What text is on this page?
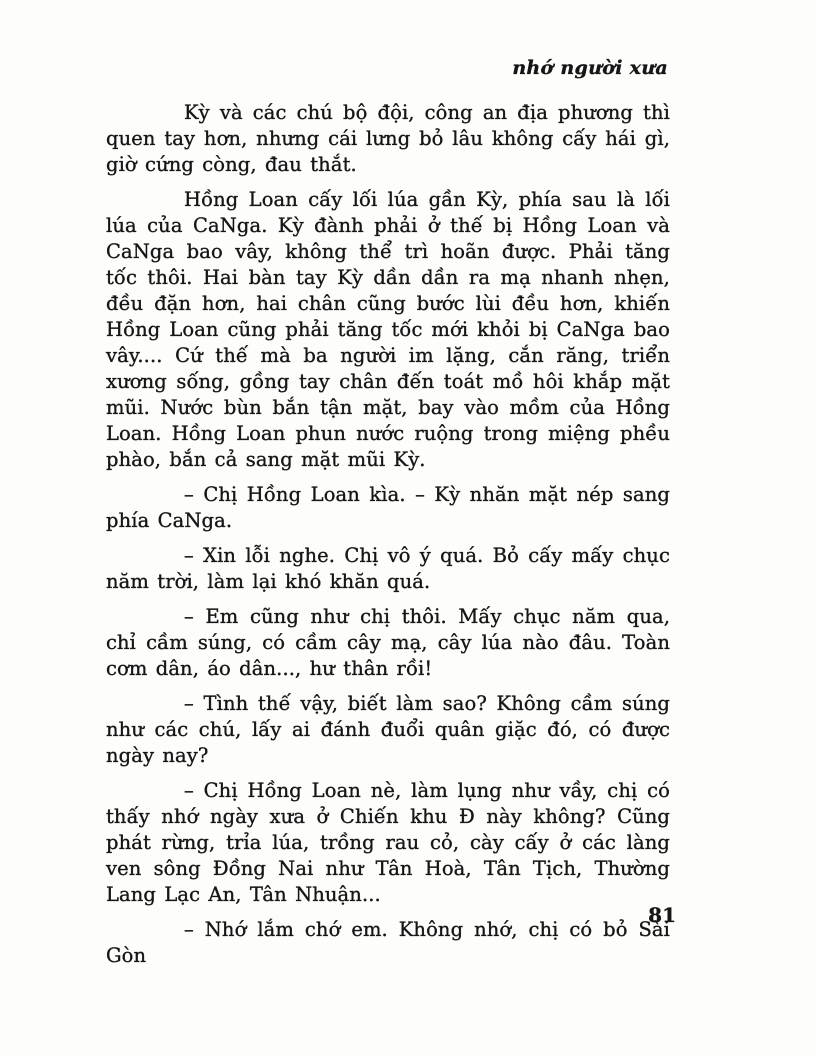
nhớ người xưa

Kỳ và các chú bộ đội, công an địa phương thì quen tay hơn, nhưng cái lưng bỏ lâu không cấy hái gì, giờ cứng còng, đau thắt.

Hồng Loan cấy lối lúa gần Kỳ, phía sau là lối lúa của CaNga. Kỳ đành phải ở thế bị Hồng Loan và CaNga bao vây, không thể trì hoãn được. Phải tăng tốc thôi. Hai bàn tay Kỳ dần dần ra mạ nhanh nhẹn, đều đặn hơn, hai chân cũng bước lùi đều hơn, khiến Hồng Loan cũng phải tăng tốc mới khỏi bị CaNga bao vây.... Cứ thế mà ba người im lặng, cắn răng, triển xương sống, gồng tay chân đến toát mồ hôi khắp mặt mũi. Nước bùn bắn tận mặt, bay vào mồm của Hồng Loan. Hồng Loan phun nước ruộng trong miệng phều phào, bắn cả sang mặt mũi Kỳ.

– Chị Hồng Loan kìa. – Kỳ nhăn mặt nép sang phía CaNga.

– Xin lỗi nghe. Chị vô ý quá. Bỏ cấy mấy chục năm trời, làm lại khó khăn quá.

– Em cũng như chị thôi. Mấy chục năm qua, chỉ cầm súng, có cầm cây mạ, cây lúa nào đâu. Toàn cơm dân, áo dân..., hư thân rồi!

– Tình thế vậy, biết làm sao? Không cầm súng như các chú, lấy ai đánh đuổi quân giặc đó, có được ngày nay?

– Chị Hồng Loan nè, làm lụng như vầy, chị có thấy nhớ ngày xưa ở Chiến khu Đ này không? Cũng phát rừng, trỉa lúa, trồng rau cỏ, cày cấy ở các làng ven sông Đồng Nai như Tân Hoà, Tân Tịch, Thường Lang Lạc An, Tân Nhuận...

– Nhớ lắm chớ em. Không nhớ, chị có bỏ Sài Gòn

81
